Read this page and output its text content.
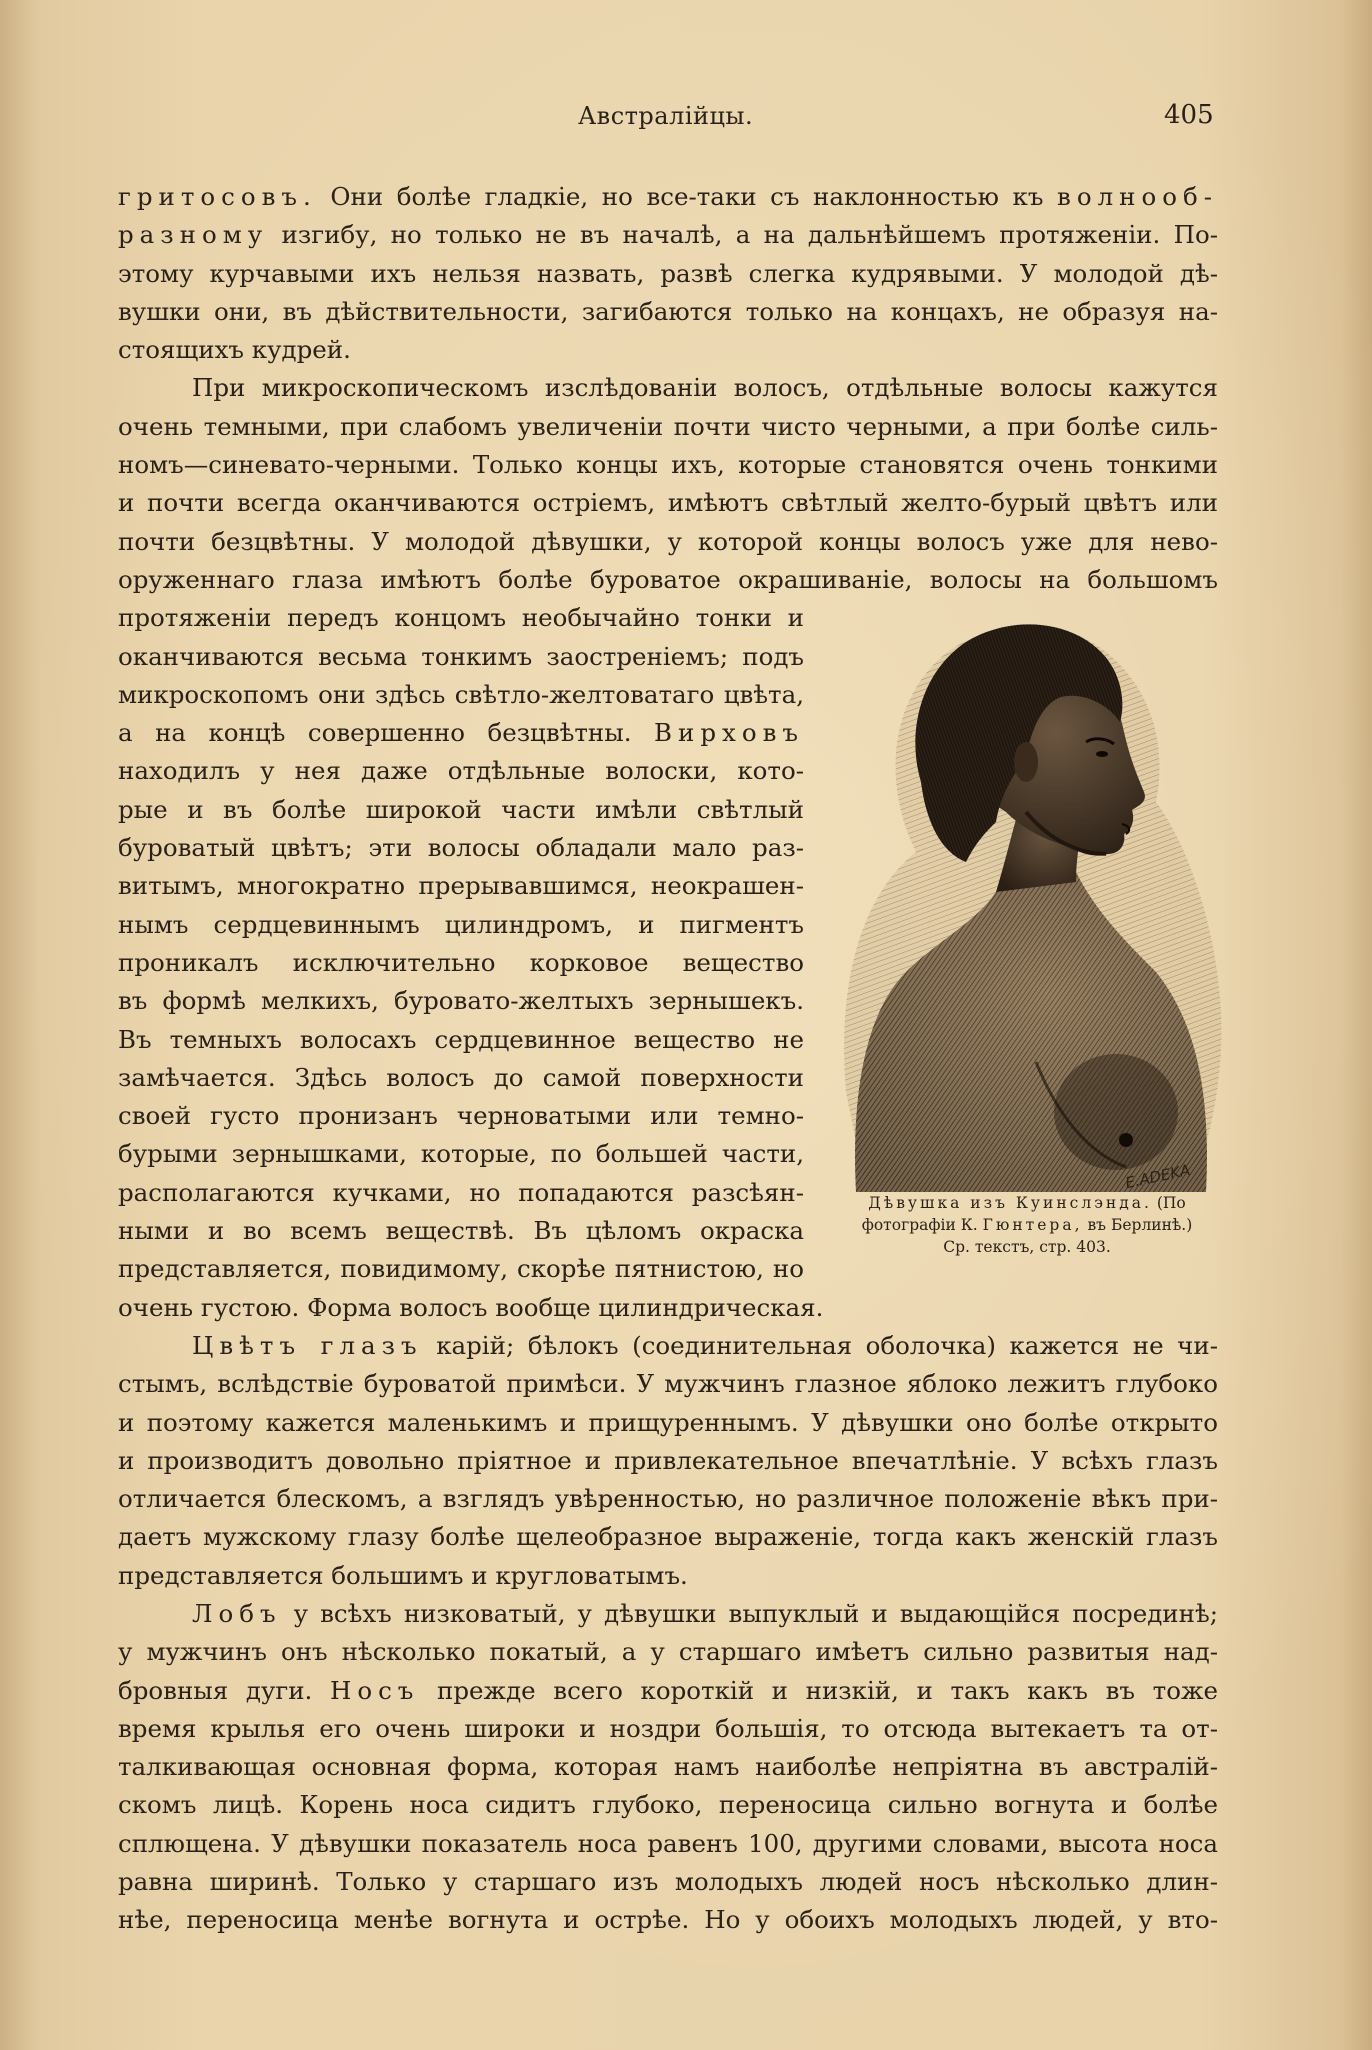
Австралійцы.	405
гритосовъ. Они болѣе гладкіе, но все-таки съ наклонностью къ волнооб-
разному изгибу, но только не въ началѣ, а на дальнѣйшемъ протяженіи. По-
этому курчавыми ихъ нельзя назвать, развѣ слегка кудрявыми. У молодой дѣ-
вушки они, въ дѣйствительности, загибаются только на концахъ, не образуя на-
стоящихъ кудрей.
При микроскопическомъ изслѣдованіи волосъ, отдѣльные волосы кажутся
очень темными, при слабомъ увеличеніи почти чисто черными, а при болѣе силь-
номъ—синевато-черными. Только концы ихъ, которые становятся очень тонкими
и почти всегда оканчиваются остріемъ, имѣютъ свѣтлый желто-бурый цвѣтъ или
почти безцвѣтны. У молодой дѣвушки, у которой концы волосъ уже для нево-
оруженнаго глаза имѣютъ болѣе буроватое окрашиваніе, волосы на большомъ
протяженіи передъ концомъ необычайно тонки и
оканчиваются весьма тонкимъ заостреніемъ; подъ
микроскопомъ они здѣсь свѣтло-желтоватаго цвѣта,
а на концѣ совершенно безцвѣтны. Вирховъ
находилъ у нея даже отдѣльные волоски, кото-
рые и въ болѣе широкой части имѣли свѣтлый
буроватый цвѣтъ; эти волосы обладали мало раз-
витымъ, многократно прерывавшимся, неокрашен-
нымъ сердцевиннымъ цилиндромъ, и пигментъ
проникалъ исключительно корковое вещество
въ формѣ мелкихъ, буровато-желтыхъ зернышекъ.
Въ темныхъ волосахъ сердцевинное вещество не
замѣчается. Здѣсь волосъ до самой поверхности
своей густо пронизанъ черноватыми или темно-
бурыми зернышками, которые, по большей части,
располагаются кучками, но попадаются разсѣян-
ными и во всемъ веществѣ. Въ цѣломъ окраска
представляется, повидимому, скорѣе пятнистою, но
очень густою. Форма волосъ вообще цилиндрическая.
Цвѣтъ глазъ карій; бѣлокъ (соединительная оболочка) кажется не чи-
стымъ, вслѣдствіе буроватой примѣси. У мужчинъ глазное яблоко лежитъ глубоко
и поэтому кажется маленькимъ и прищуреннымъ. У дѣвушки оно болѣе открыто
и производитъ довольно пріятное и привлекательное впечатлѣніе. У всѣхъ глазъ
отличается блескомъ, а взглядъ увѣренностью, но различное положеніе вѣкъ при-
даетъ мужскому глазу болѣе щелеобразное выраженіе, тогда какъ женскій глазъ
представляется большимъ и кругловатымъ.
Лобъ у всѣхъ низковатый, у дѣвушки выпуклый и выдающійся посрединѣ;
у мужчинъ онъ нѣсколько покатый, а у старшаго имѣетъ сильно развитыя над-
бровныя дуги. Носъ прежде всего короткій и низкій, и такъ какъ въ тоже
время крылья его очень широки и ноздри большія, то отсюда вытекаетъ та от-
талкивающая основная форма, которая намъ наиболѣе непріятна въ австралій-
скомъ лицѣ. Корень носа сидитъ глубоко, переносица сильно вогнута и болѣе
сплющена. У дѣвушки показатель носа равенъ 100, другими словами, высота носа
равна ширинѣ. Только у старшаго изъ молодыхъ людей носъ нѣсколько длин-
нѣе, переносица менѣе вогнута и острѣе. Но у обоихъ молодыхъ людей, у вто-
E.ADEKA
Дѣвушка изъ Куинслэнда. (По
фотографіи К. Гюнтера, въ Берлинѣ.)
Ср. текстъ, стр. 403.
